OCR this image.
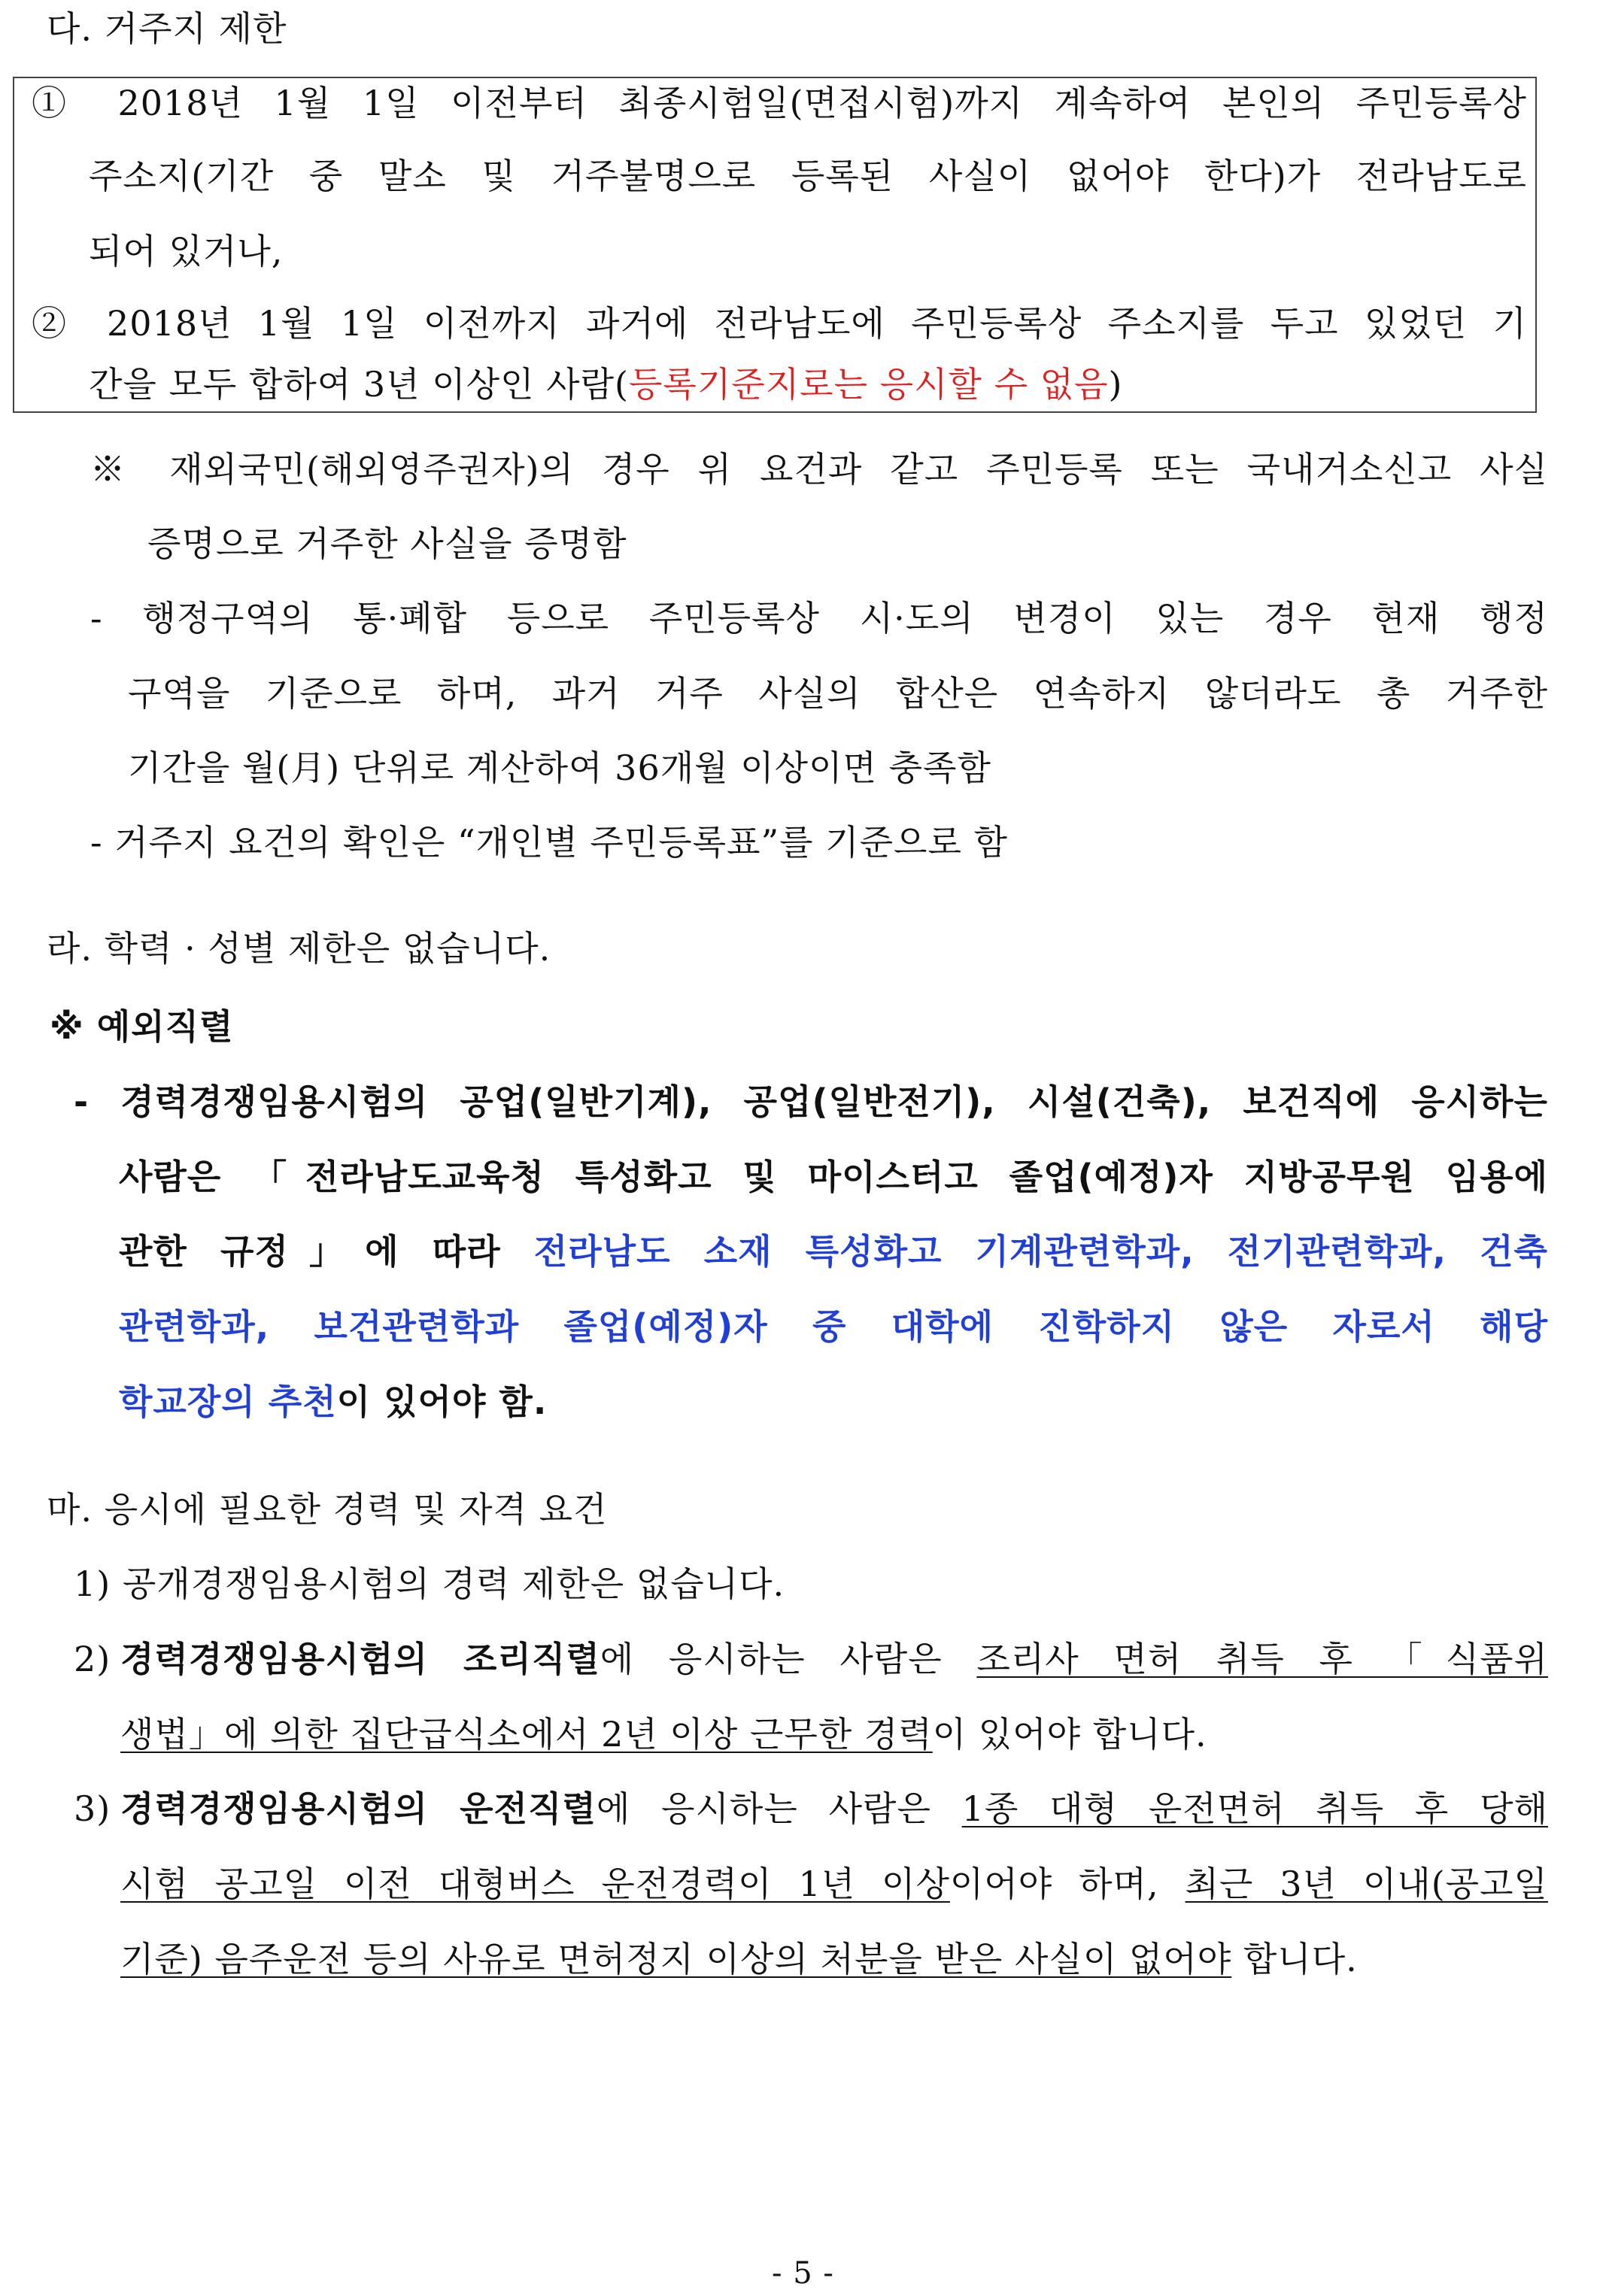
다. 거주지 제한
① 2018년 1월 1일 이전부터 최종시험일(면접시험)까지 계속하여 본인의 주민등록상
주소지(기간 중 말소 및 거주불명으로 등록된 사실이 없어야 한다)가 전라남도로
되어 있거나,
② 2018년 1월 1일 이전까지 과거에 전라남도에 주민등록상 주소지를 두고 있었던 기
간을 모두 합하여 3년 이상인 사람(등록기준지로는 응시할 수 없음)
※ 재외국민(해외영주권자)의 경우 위 요건과 같고 주민등록 또는 국내거소신고 사실
증명으로 거주한 사실을 증명함
- 행정구역의 통·폐합 등으로 주민등록상 시·도의 변경이 있는 경우 현재 행정
구역을 기준으로 하며, 과거 거주 사실의 합산은 연속하지 않더라도 총 거주한
기간을 월(月) 단위로 계산하여 36개월 이상이면 충족함
- 거주지 요건의 확인은 “개인별 주민등록표”를 기준으로 함
라. 학력 · 성별 제한은 없습니다.
※ 예외직렬
- 경력경쟁임용시험의 공업(일반기계), 공업(일반전기), 시설(건축), 보건직에 응시하는
사람은 「전라남도교육청 특성화고 및 마이스터고 졸업(예정)자 지방공무원 임용에
관한 규정」에 따라 전라남도 소재 특성화고 기계관련학과, 전기관련학과, 건축
관련학과, 보건관련학과 졸업(예정)자 중 대학에 진학하지 않은 자로서 해당
학교장의 추천이 있어야 함.
마. 응시에 필요한 경력 및 자격 요건
1) 공개경쟁임용시험의 경력 제한은 없습니다.
2) 경력경쟁임용시험의 조리직렬에 응시하는 사람은 조리사 면허 취득 후 「식품위
생법」에 의한 집단급식소에서 2년 이상 근무한 경력이 있어야 합니다.
3) 경력경쟁임용시험의 운전직렬에 응시하는 사람은 1종 대형 운전면허 취득 후 당해
시험 공고일 이전 대형버스 운전경력이 1년 이상이어야 하며, 최근 3년 이내(공고일
기준) 음주운전 등의 사유로 면허정지 이상의 처분을 받은 사실이 없어야 합니다.
- 5 -
